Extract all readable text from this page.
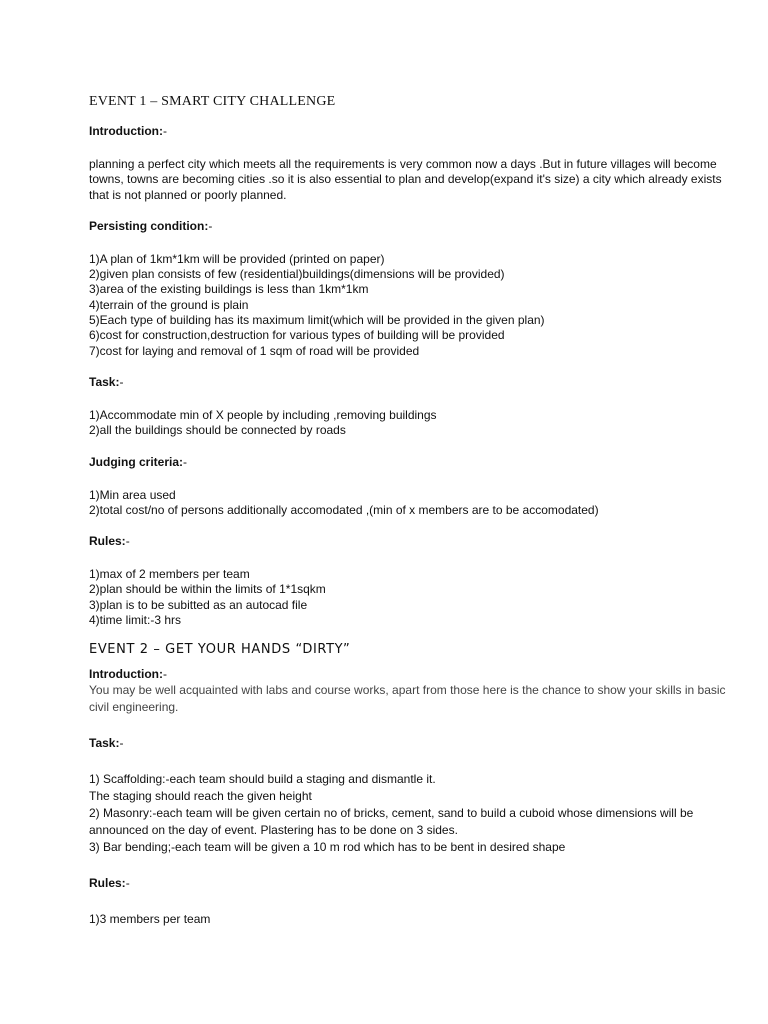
EVENT 1 – SMART CITY CHALLENGE

Introduction:-

planning a perfect city which meets all the requirements is very common now a days .But in future villages will become towns, towns are becoming cities .so it is also essential to plan and develop(expand it's size) a city which already exists that is not planned or poorly planned.

Persisting condition:-

1)A plan of 1km*1km will be provided (printed on paper)
2)given plan consists of few (residential)buildings(dimensions will be provided)
3)area of the existing buildings is less than 1km*1km
4)terrain of the ground is plain
5)Each type of building has its maximum limit(which will be provided in the given plan)
6)cost for construction,destruction for various types of building will be provided
7)cost for laying and removal of 1 sqm of road will be provided

Task:-

1)Accommodate min of X people by including ,removing buildings
2)all the buildings should be connected by roads

Judging criteria:-

1)Min area used
2)total cost/no of persons additionally accomodated ,(min of x members are to be accomodated)

Rules:-

1)max of 2 members per team
2)plan should be within the limits of 1*1sqkm
3)plan is to be subitted as an autocad file
4)time limit:-3 hrs
EVENT 2 – GET YOUR HANDS “DIRTY”

Introduction:-

You may be well acquainted with labs and course works, apart from those here is the chance to show your skills in basic civil engineering.

Task:-

1) Scaffolding:-each team should build a staging and dismantle it.
The staging should reach the given height
2) Masonry:-each team will be given certain no of bricks, cement, sand to build a cuboid whose dimensions will be announced on the day of event. Plastering has to be done on 3 sides.
3) Bar bending;-each team will be given a 10 m rod which has to be bent in desired shape

Rules:-

1)3 members per team
